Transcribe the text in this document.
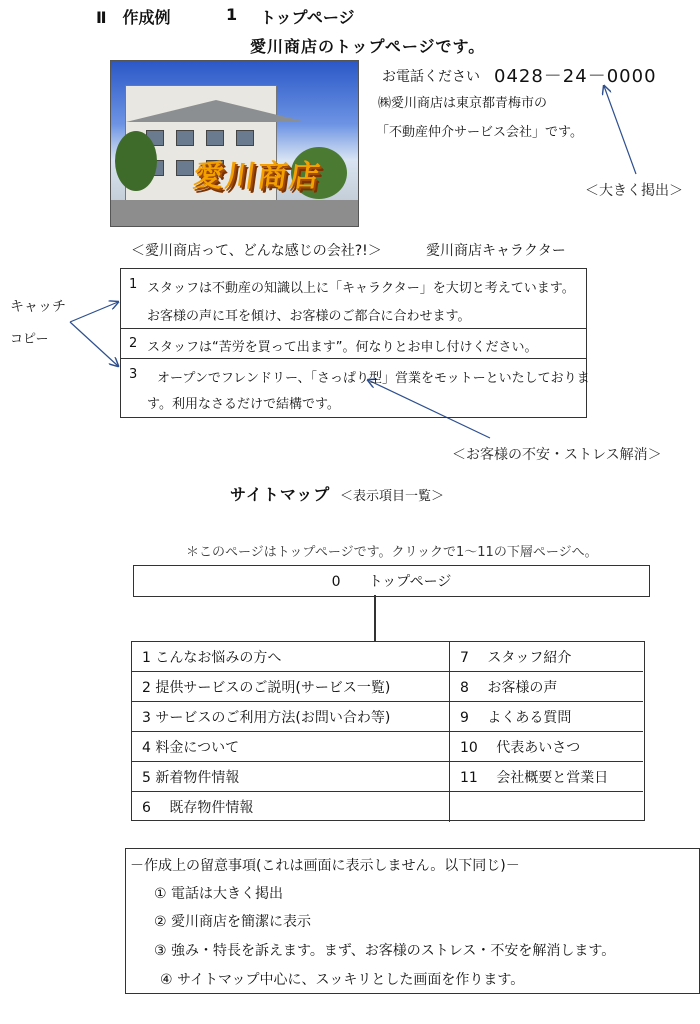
Ⅱ　作成例	1 トップページ
愛川商店のトップページです。
愛川商店
お電話ください 0428－24－0000
㈱愛川商店は東京都青梅市の
「不動産仲介サービス会社」です。
＜大きく掲出＞
＜愛川商店って、どんな感じの会社?!＞	愛川商店キャラクター
キャッチ
コピー
1 スタッフは不動産の知識以上に「キャラクター」を大切と考えています。
お客様の声に耳を傾け、お客様のご都合に合わせます。
2 スタッフは“苦労を買って出ます”。何なりとお申し付けください。
3 オープンでフレンドリー、「さっぱり型」営業をモットーといたしておりま
す。利用なさるだけで結構です。
＜お客様の不安・ストレス解消＞
サイトマップ ＜表示項目一覧＞
＊このページはトップページです。クリックで1～11の下層ページへ。
0　　トップページ
1 こんなお悩みの方へ
2 提供サービスのご説明(サービス一覧)
3 サービスのご利用方法(お問い合わ等)
4 料金について
5 新着物件情報
6 　既存物件情報
7 　スタッフ紹介
8 　お客様の声
9 　よくある質問
10 　代表あいさつ
11 　会社概要と営業日
－作成上の留意事項(これは画面に表示しません。以下同じ)－
① 電話は大きく掲出
② 愛川商店を簡潔に表示
③ 強み・特長を訴えます。まず、お客様のストレス・不安を解消します。
④ サイトマップ中心に、スッキリとした画面を作ります。
